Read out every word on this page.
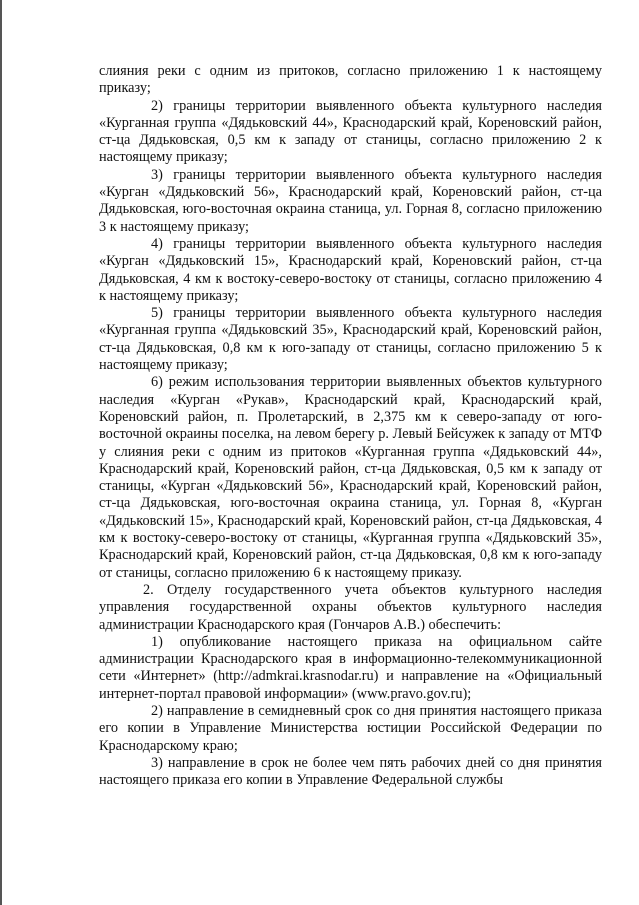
слияния реки с одним из притоков, согласно приложению 1 к настоящему приказу;

2) границы территории выявленного объекта культурного наследия «Курганная группа «Дядьковский 44», Краснодарский край, Кореновский район, ст-ца Дядьковская, 0,5 км к западу от станицы, согласно приложению 2 к настоящему приказу;

3) границы территории выявленного объекта культурного наследия «Курган «Дядьковский 56», Краснодарский край, Кореновский район, ст-ца Дядьковская, юго-восточная окраина станица, ул. Горная 8, согласно приложению 3 к настоящему приказу;

4) границы территории выявленного объекта культурного наследия «Курган «Дядьковский 15», Краснодарский край, Кореновский район, ст-ца Дядьковская, 4 км к востоку-северо-востоку от станицы, согласно приложению 4 к настоящему приказу;

5) границы территории выявленного объекта культурного наследия «Курганная группа «Дядьковский 35», Краснодарский край, Кореновский район, ст-ца Дядьковская, 0,8 км к юго-западу от станицы, согласно приложению 5 к настоящему приказу;

6) режим использования территории выявленных объектов культурного наследия «Курган «Рукав», Краснодарский край, Краснодарский край, Кореновский район, п. Пролетарский, в 2,375 км к северо-западу от юго-восточной окраины поселка, на левом берегу р. Левый Бейсужек к западу от МТФ у слияния реки с одним из притоков «Курганная группа «Дядьковский 44», Краснодарский край, Кореновский район, ст-ца Дядьковская, 0,5 км к западу от станицы, «Курган «Дядьковский 56», Краснодарский край, Кореновский район, ст-ца Дядьковская, юго-восточная окраина станица, ул. Горная 8, «Курган «Дядьковский 15», Краснодарский край, Кореновский район, ст-ца Дядьковская, 4 км к востоку-северо-востоку от станицы, «Курганная группа «Дядьковский 35», Краснодарский край, Кореновский район, ст-ца Дядьковская, 0,8 км к юго-западу от станицы, согласно приложению 6 к настоящему приказу.

2. Отделу государственного учета объектов культурного наследия управления государственной охраны объектов культурного наследия администрации Краснодарского края (Гончаров А.В.) обеспечить:

1) опубликование настоящего приказа на официальном сайте администрации Краснодарского края в информационно-телекоммуникационной сети «Интернет» (http://admkrai.krasnodar.ru) и направление на «Официальный интернет-портал правовой информации» (www.pravo.gov.ru);

2) направление в семидневный срок со дня принятия настоящего приказа его копии в Управление Министерства юстиции Российской Федерации по Краснодарскому краю;

3) направление в срок не более чем пять рабочих дней со дня принятия настоящего приказа его копии в Управление Федеральной службы
